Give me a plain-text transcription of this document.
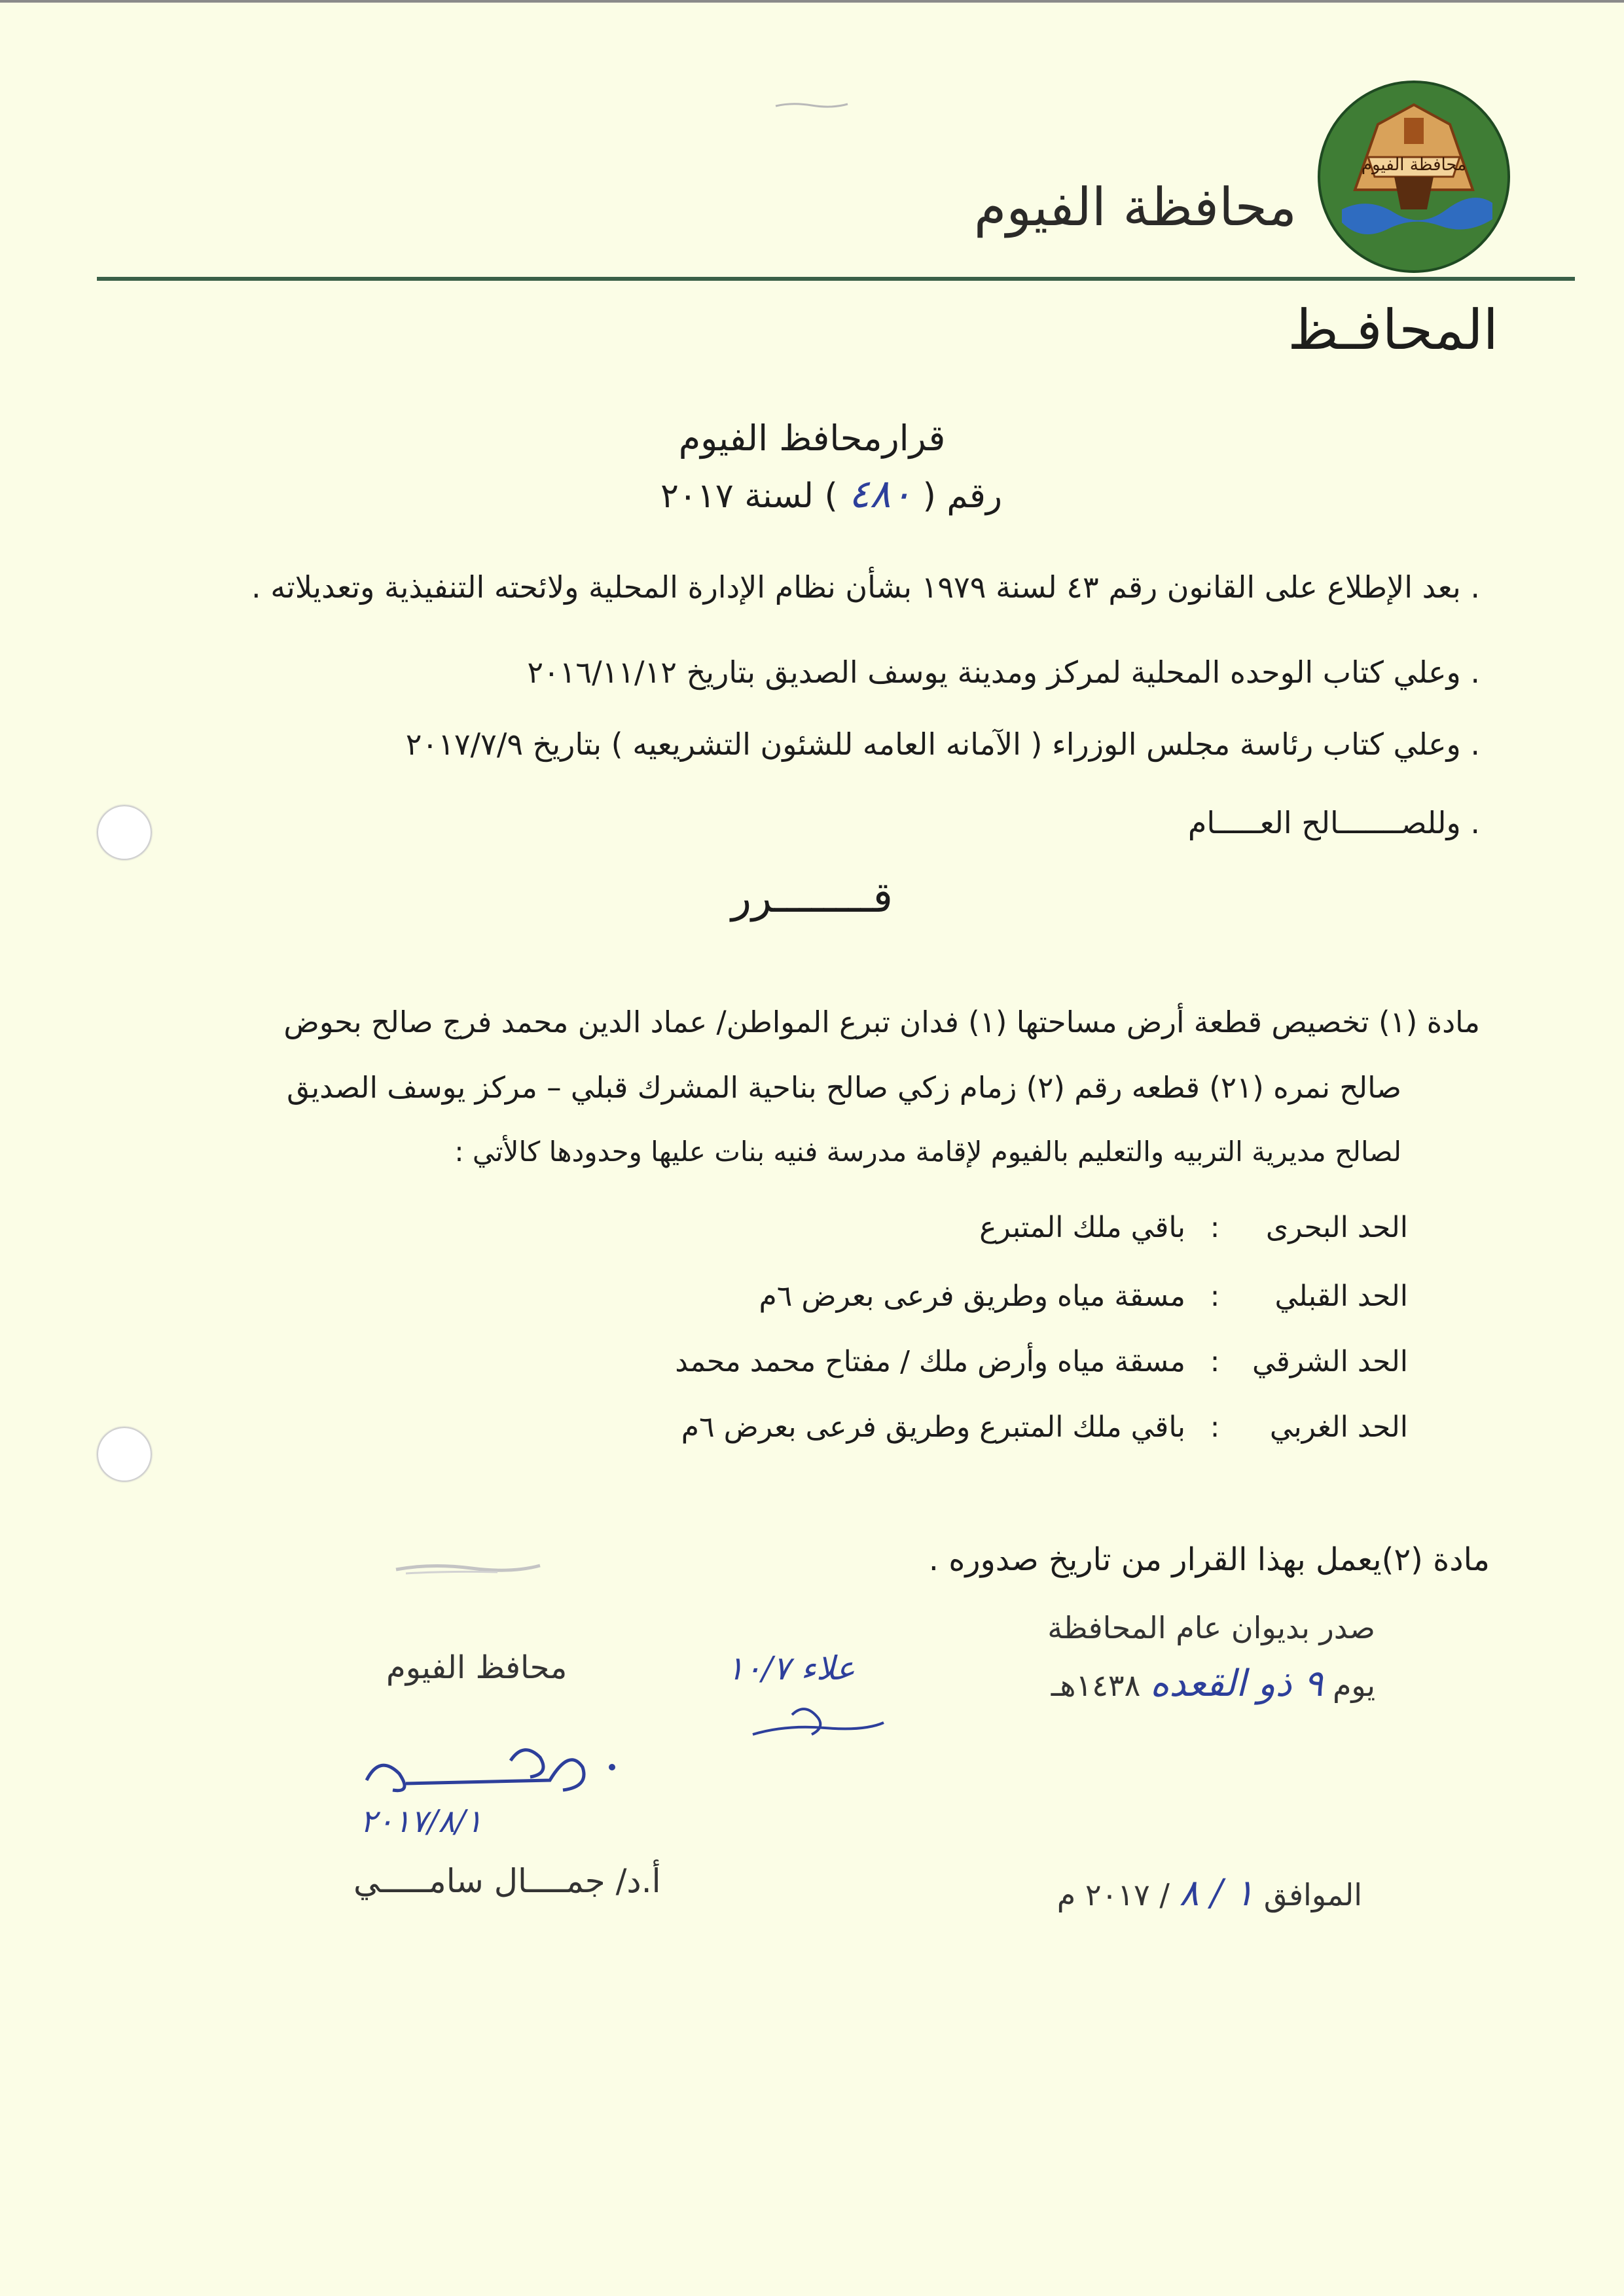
محافظة الفيوم
محافظة الفيوم
المحافـظ
قرارمحافظ الفيوم
رقم ( ٤٨٠ ) لسنة ٢٠١٧
. بعد الإطلاع على القانون رقم ٤٣ لسنة ١٩٧٩ بشأن نظام الإدارة المحلية ولائحته التنفيذية وتعديلاته .
. وعلي كتاب الوحده المحلية لمركز ومدينة يوسف الصديق بتاريخ ٢٠١٦/١١/١٢
. وعلي كتاب رئاسة مجلس الوزراء ( الآمانه العامه للشئون التشريعيه ) بتاريخ ٢٠١٧/٧/٩
. وللصـــــــالح العـــــام
قــــــــرر
مادة (١) تخصيص قطعة أرض مساحتها (١) فدان تبرع المواطن/ عماد الدين محمد فرج صالح بحوض
صالح نمره (٢١) قطعه رقم (٢) زمام زكي صالح بناحية المشرك قبلي – مركز يوسف الصديق
لصالح مديرية التربيه والتعليم بالفيوم لإقامة مدرسة فنيه بنات عليها وحدودها كالأتي :
الحد البحرى:باقي ملك المتبرع
الحد القبلي:مسقة مياه وطريق فرعى بعرض ٦م
الحد الشرقي:مسقة مياه وأرض ملك / مفتاح محمد محمد
الحد الغربي:باقي ملك المتبرع وطريق فرعى بعرض ٦م
مادة (٢)يعمل بهذا القرار من تاريخ صدوره .
صدر بديوان عام المحافظة
يوم ٩ ذو القعده ١٤٣٨هـ
علاء ١٠/٧
محافظ الفيوم
٢٠١٧/٨/١
أ.د/ جمــــال سامـــــي	الموافق ١ / ٨ / ٢٠١٧ م
